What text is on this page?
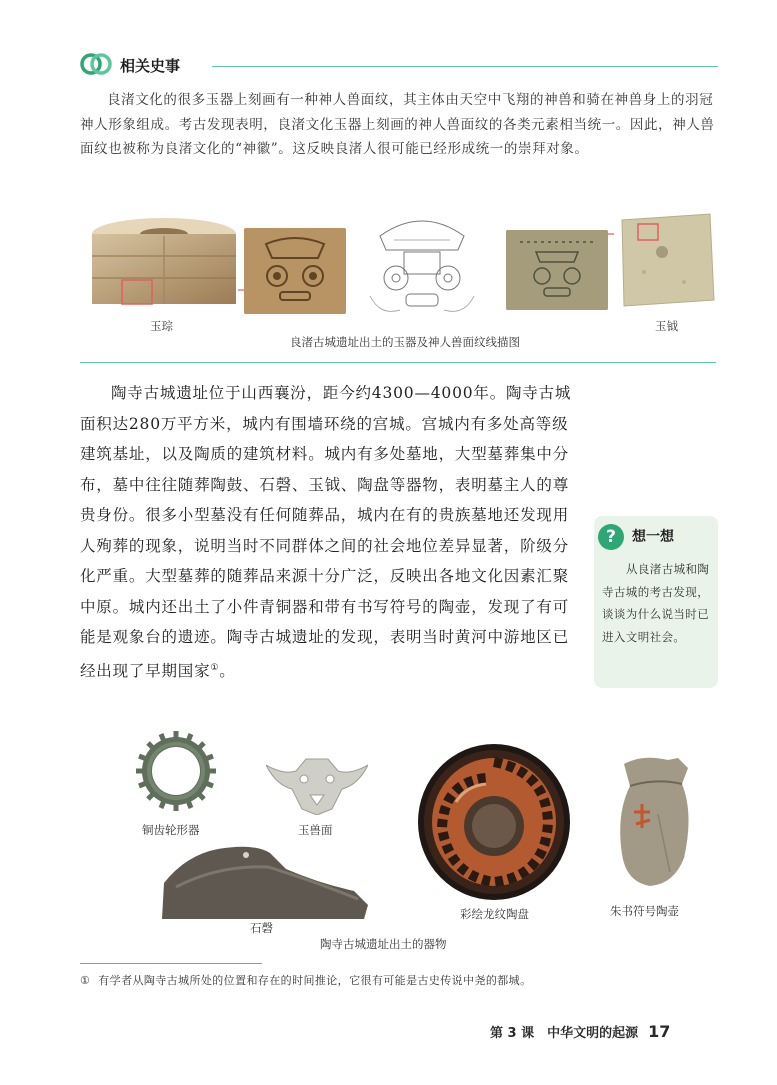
相关史事
良渚文化的很多玉器上刻画有一种神人兽面纹，其主体由天空中飞翔的神兽和骑在神兽身上的羽冠神人形象组成。考古发现表明，良渚文化玉器上刻画的神人兽面纹的各类元素相当统一。因此，神人兽面纹也被称为良渚文化的“神徽”。这反映良渚人很可能已经形成统一的崇拜对象。
玉琮	玉钺
良渚古城遗址出土的玉器及神人兽面纹线描图
陶寺古城遗址位于山西襄汾，距今约4300—4000年。陶寺古城面积达280万平方米，城内有围墙环绕的宫城。宫城内有多处高等级建筑基址，以及陶质的建筑材料。城内有多处墓地，大型墓葬集中分布，墓中往往随葬陶鼓、石磬、玉钺、陶盘等器物，表明墓主人的尊贵身份。很多小型墓没有任何随葬品，城内在有的贵族墓地还发现用人殉葬的现象，说明当时不同群体之间的社会地位差异显著，阶级分化严重。大型墓葬的随葬品来源十分广泛，反映出各地文化因素汇聚中原。城内还出土了小件青铜器和带有书写符号的陶壶，发现了有可能是观象台的遗迹。陶寺古城遗址的发现，表明当时黄河中游地区已经出现了早期国家①。
?	想一想
从良渚古城和陶寺古城的考古发现，谈谈为什么说当时已进入文明社会。
铜齿轮形器	玉兽面
彩绘龙纹陶盘	朱书符号陶壶
石磬
陶寺古城遗址出土的器物
① 有学者从陶寺古城所处的位置和存在的时间推论，它很有可能是古史传说中尧的都城。
第 3 课　中华文明的起源 17
